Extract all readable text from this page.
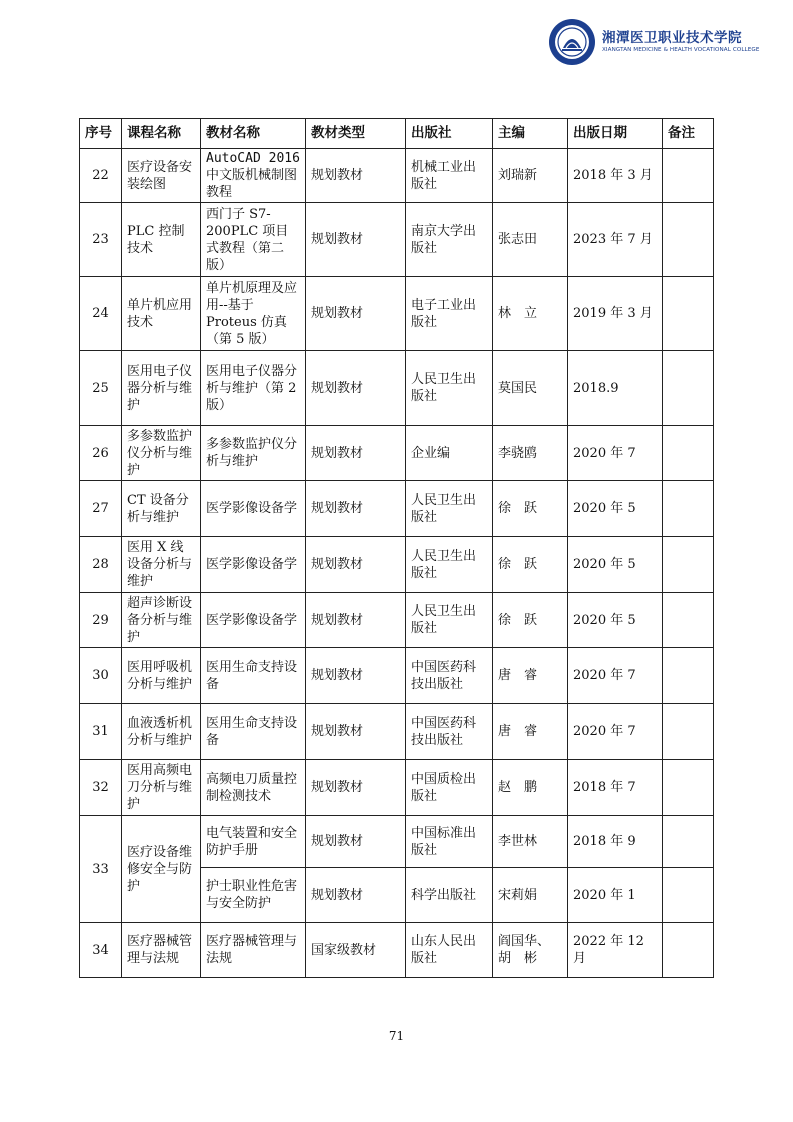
湘潭医卫职业技术学院
XIANGTAN MEDICINE & HEALTH VOCATIONAL COLLEGE
序号	课程名称	教材名称	教材类型	出版社	主编	出版日期	备注
22	医疗设备安装绘图	AutoCAD 2016 中文版机械制图教程	规划教材	机械工业出版社	刘瑞新	2018 年 3 月	
23	PLC 控制技术	西门子 S7-200PLC 项目式教程（第二版）	规划教材	南京大学出版社	张志田	2023 年 7 月	
24	单片机应用技术	单片机原理及应用--基于 Proteus 仿真（第 5 版）	规划教材	电子工业出版社	林　立	2019 年 3 月	
25	医用电子仪器分析与维护	医用电子仪器分析与维护（第 2 版）	规划教材	人民卫生出版社	莫国民	2018.9	
26	多参数监护仪分析与维护	多参数监护仪分析与维护	规划教材	企业编	李骁鸥	2020 年 7	
27	CT 设备分析与维护	医学影像设备学	规划教材	人民卫生出版社	徐　跃	2020 年 5	
28	医用 X 线设备分析与维护	医学影像设备学	规划教材	人民卫生出版社	徐　跃	2020 年 5	
29	超声诊断设备分析与维护	医学影像设备学	规划教材	人民卫生出版社	徐　跃	2020 年 5	
30	医用呼吸机分析与维护	医用生命支持设备	规划教材	中国医药科技出版社	唐　睿	2020 年 7	
31	血液透析机分析与维护	医用生命支持设备	规划教材	中国医药科技出版社	唐　睿	2020 年 7	
32	医用高频电刀分析与维护	高频电刀质量控制检测技术	规划教材	中国质检出版社	赵　鹏	2018 年 7	
33	医疗设备维修安全与防护	电气装置和安全防护手册	规划教材	中国标准出版社	李世林	2018 年 9	
		护士职业性危害与安全防护	规划教材	科学出版社	宋莉娟	2020 年 1	
34	医疗器械管理与法规	医疗器械管理与法规	国家级教材	山东人民出版社	阎国华、胡　彬	2022 年 12 月	
71
